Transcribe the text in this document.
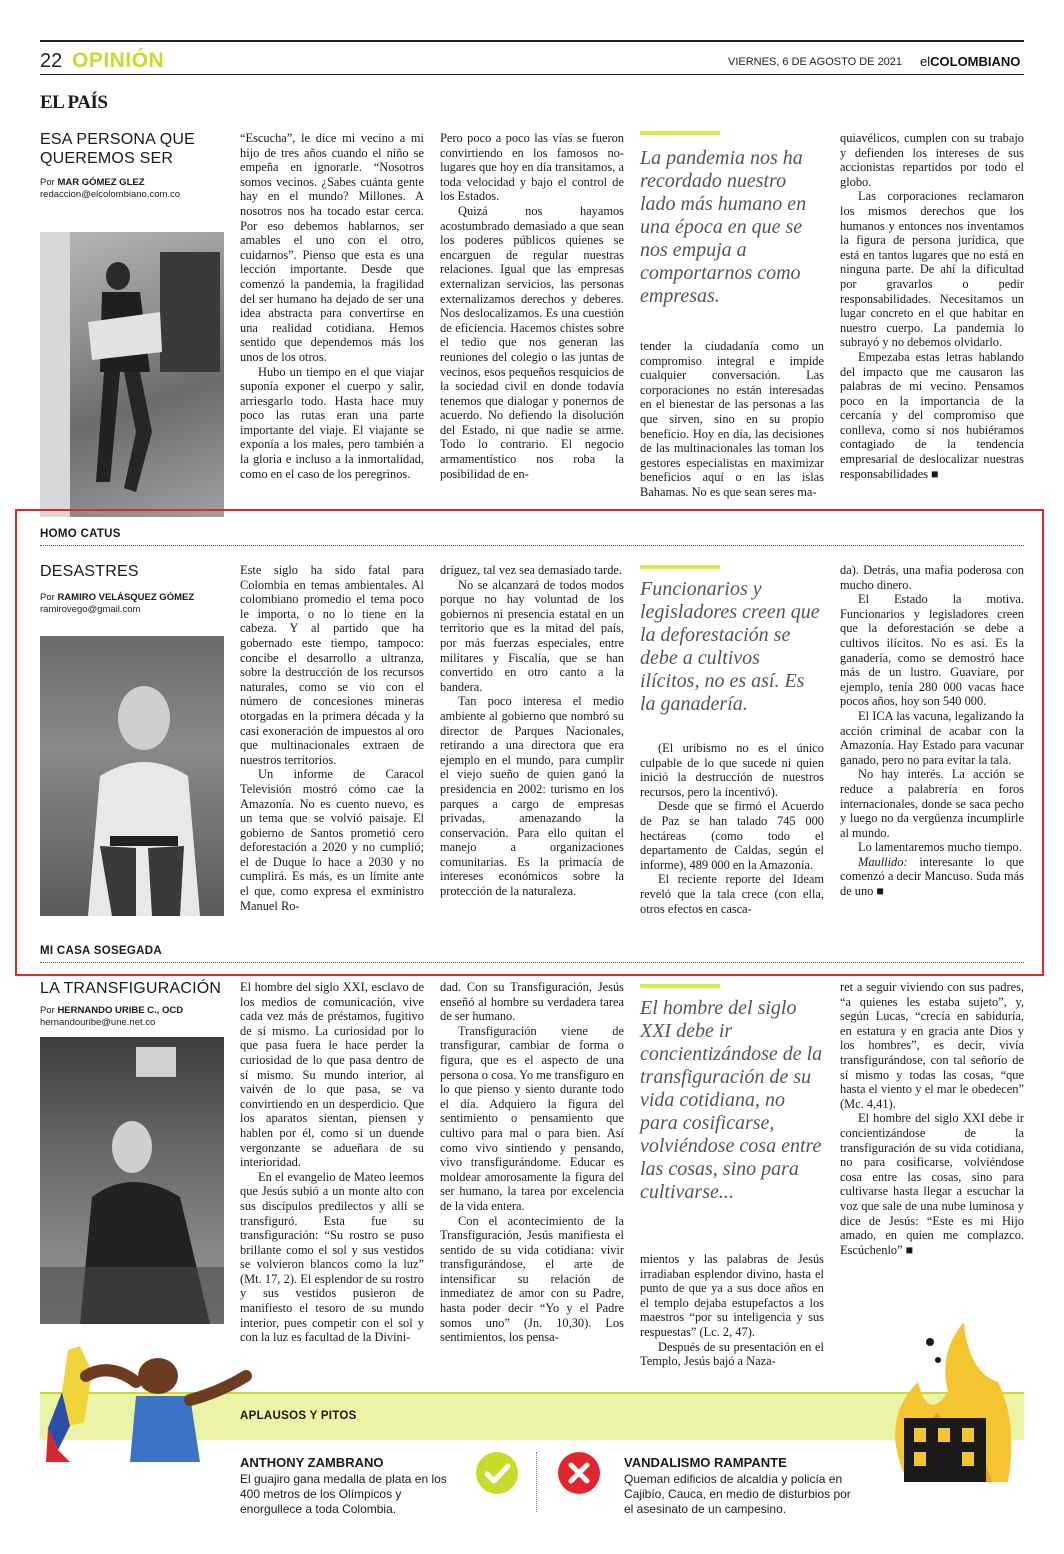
22 OPINIÓN	VIERNES, 6 DE AGOSTO DE 2021 elCOLOMBIANO
EL PAÍS
ESA PERSONA QUE QUEREMOS SER
Por MAR GÓMEZ GLEZ
redaccion@elcolombiano.com.co

“Escucha”, le dice mi vecino a mi hijo de tres años cuando el niño se empeña en ignorarle. “Nosotros somos vecinos. ¿Sabes cuánta gente hay en el mundo? Millones. A nosotros nos ha tocado estar cerca. Por eso debemos hablarnos, ser amables el uno con el otro, cuidarnos”. Pienso que esta es una lección importante. Desde que comenzó la pandemia, la fragilidad del ser humano ha dejado de ser una idea abstracta para convertirse en una realidad cotidiana. Hemos sentido que dependemos más los unos de los otros.

Hubo un tiempo en el que viajar suponía exponer el cuerpo y salir, arriesgarlo todo. Hasta hace muy poco las rutas eran una parte importante del viaje. El viajante se exponía a los males, pero también a la gloria e incluso a la inmortalidad, como en el caso de los peregrinos.

Pero poco a poco las vías se fueron convirtiendo en los famosos no-lugares que hoy en día transitamos, a toda velocidad y bajo el control de los Estados.

Quizá nos hayamos acostumbrado demasiado a que sean los poderes públicos quienes se encarguen de regular nuestras relaciones. Igual que las empresas externalizan servicios, las personas externalizamos derechos y deberes. Nos deslocalizamos. Es una cuestión de eficiencia. Hacemos chistes sobre el tedio que nos generan las reuniones del colegio o las juntas de vecinos, esos pequeños resquicios de la sociedad civil en donde todavía tenemos que dialogar y ponernos de acuerdo. No defiendo la disolución del Estado, ni que nadie se arme. Todo lo contrario. El negocio armamentístico nos roba la posibilidad de en-

La pandemia nos ha recordado nuestro lado más humano en una época en que se nos empuja a comportarnos como empresas.

tender la ciudadanía como un compromiso integral e impide cualquier conversación. Las corporaciones no están interesadas en el bienestar de las personas a las que sirven, sino en su propio beneficio. Hoy en día, las decisiones de las multinacionales las toman los gestores especialistas en maximizar beneficios aquí o en las islas Bahamas. No es que sean seres ma-

quiavélicos, cumplen con su trabajo y defienden los intereses de sus accionistas repartidos por todo el globo.

Las corporaciones reclamaron los mismos derechos que los humanos y entonces nos inventamos la figura de persona jurídica, que está en tantos lugares que no está en ninguna parte. De ahí la dificultad por gravarlos o pedir responsabilidades. Necesitamos un lugar concreto en el que habitar en nuestro cuerpo. La pandemia lo subrayó y no debemos olvidarlo.

Empezaba estas letras hablando del impacto que me causaron las palabras de mi vecino. Pensamos poco en la importancia de la cercanía y del compromiso que conlleva, como si nos hubiéramos contagiado de la tendencia empresarial de deslocalizar nuestras responsabilidades ■

HOMO CATUS
DESASTRES
Por RAMIRO VELÁSQUEZ GÓMEZ
ramirovego@gmail.com

Este siglo ha sido fatal para Colombia en temas ambientales. Al colombiano promedio el tema poco le importa, o no lo tiene en la cabeza. Y al partido que ha gobernado este tiempo, tampoco: concibe el desarrollo a ultranza, sobre la destrucción de los recursos naturales, como se vio con el número de concesiones mineras otorgadas en la primera década y la casi exoneración de impuestos al oro que multinacionales extraen de nuestros territorios.

Un informe de Caracol Televisión mostró cómo cae la Amazonía. No es cuento nuevo, es un tema que se volvió paisaje. El gobierno de Santos prometió cero deforestación a 2020 y no cumplió; el de Duque lo hace a 2030 y no cumplirá. Es más, es un límite ante el que, como expresa el exministro Manuel Ro-

dríguez, tal vez sea demasiado tarde.

No se alcanzará de todos modos porque no hay voluntad de los gobiernos ni presencia estatal en un territorio que es la mitad del país, por más fuerzas especiales, entre militares y Fiscalía, que se han convertido en otro canto a la bandera.

Tan poco interesa el medio ambiente al gobierno que nombró su director de Parques Nacionales, retirando a una directora que era ejemplo en el mundo, para cumplir el viejo sueño de quien ganó la presidencia en 2002: turismo en los parques a cargo de empresas privadas, amenazando la conservación. Para ello quitan el manejo a organizaciones comunitarias. Es la primacía de intereses económicos sobre la protección de la naturaleza.

Funcionarios y legisladores creen que la deforestación se debe a cultivos ilícitos, no es así. Es la ganadería.

(El uribismo no es el único culpable de lo que sucede ni quien inició la destrucción de nuestros recursos, pero la incentivó).

Desde que se firmó el Acuerdo de Paz se han talado 745 000 hectáreas (como todo el departamento de Caldas, según el informe), 489 000 en la Amazonía.

El reciente reporte del Ideam reveló que la tala crece (con ella, otros efectos en casca-

da). Detrás, una mafia poderosa con mucho dinero.

El Estado la motiva. Funcionarios y legisladores creen que la deforestación se debe a cultivos ilícitos. No es así. Es la ganadería, como se demostró hace más de un lustro. Guaviare, por ejemplo, tenía 280 000 vacas hace pocos años, hoy son 540 000.

El ICA las vacuna, legalizando la acción criminal de acabar con la Amazonía. Hay Estado para vacunar ganado, pero no para evitar la tala.

No hay interés. La acción se reduce a palabrería en foros internacionales, donde se saca pecho y luego no da vergüenza incumplirle al mundo.

Lo lamentaremos mucho tiempo.

Maullido: interesante lo que comenzó a decir Mancuso. Suda más de uno ■

MI CASA SOSEGADA
LA TRANSFIGURACIÓN
Por HERNANDO URIBE C., OCD
hernandouribe@une.net.co

El hombre del siglo XXI, esclavo de los medios de comunicación, vive cada vez más de préstamos, fugitivo de sí mismo. La curiosidad por lo que pasa fuera le hace perder la curiosidad de lo que pasa dentro de sí mismo. Su mundo interior, al vaivén de lo que pasa, se va convirtiendo en un desperdicio. Que los aparatos sientan, piensen y hablen por él, como si un duende vergonzante se adueñara de su interioridad.

En el evangelio de Mateo leemos que Jesús subió a un monte alto con sus discípulos predilectos y allí se transfiguró. Esta fue su transfiguración: “Su rostro se puso brillante como el sol y sus vestidos se volvieron blancos como la luz” (Mt. 17, 2). El esplendor de su rostro y sus vestidos pusieron de manifiesto el tesoro de su mundo interior, pues competir con el sol y con la luz es facultad de la Divini-

dad. Con su Transfiguración, Jesús enseñó al hombre su verdadera tarea de ser humano.

Transfiguración viene de transfigurar, cambiar de forma o figura, que es el aspecto de una persona o cosa. Yo me transfiguro en lo que pienso y siento durante todo el día. Adquiero la figura del sentimiento o pensamiento que cultivo para mal o para bien. Así como vivo sintiendo y pensando, vivo transfigurándome. Educar es moldear amorosamente la figura del ser humano, la tarea por excelencia de la vida entera.

Con el acontecimiento de la Transfiguración, Jesús manifiesta el sentido de su vida cotidiana: vivir transfigurándose, el arte de intensificar su relación de inmediatez de amor con su Padre, hasta poder decir “Yo y el Padre somos uno” (Jn. 10,30). Los sentimientos, los pensa-

El hombre del siglo XXI debe ir concientizándose de la transfiguración de su vida cotidiana, no para cosificarse, volviéndose cosa entre las cosas, sino para cultivarse...

mientos y las palabras de Jesús irradiaban esplendor divino, hasta el punto de que ya a sus doce años en el templo dejaba estupefactos a los maestros “por su inteligencia y sus respuestas” (Lc. 2, 47).

Después de su presentación en el Templo, Jesús bajó a Naza-

ret a seguir viviendo con sus padres, “a quienes les estaba sujeto”, y, según Lucas, “crecía en sabiduría, en estatura y en gracia ante Dios y los hombres”, es decir, vivía transfigurándose, con tal señorío de sí mismo y todas las cosas, “que hasta el viento y el mar le obedecen” (Mc. 4,41).

El hombre del siglo XXI debe ir concientizándose de la transfiguración de su vida cotidiana, no para cosificarse, volviéndose cosa entre las cosas, sino para cultivarse hasta llegar a escuchar la voz que sale de una nube luminosa y dice de Jesús: “Este es mi Hijo amado, en quien me complazco. Escúchenlo” ■

APLAUSOS Y PITOS
ANTHONY ZAMBRANO
El guajiro gana medalla de plata en los 400 metros de los Olímpicos y enorgullece a toda Colombia.
VANDALISMO RAMPANTE
Queman edificios de alcaldía y policía en Cajibío, Cauca, en medio de disturbios por el asesinato de un campesino.
